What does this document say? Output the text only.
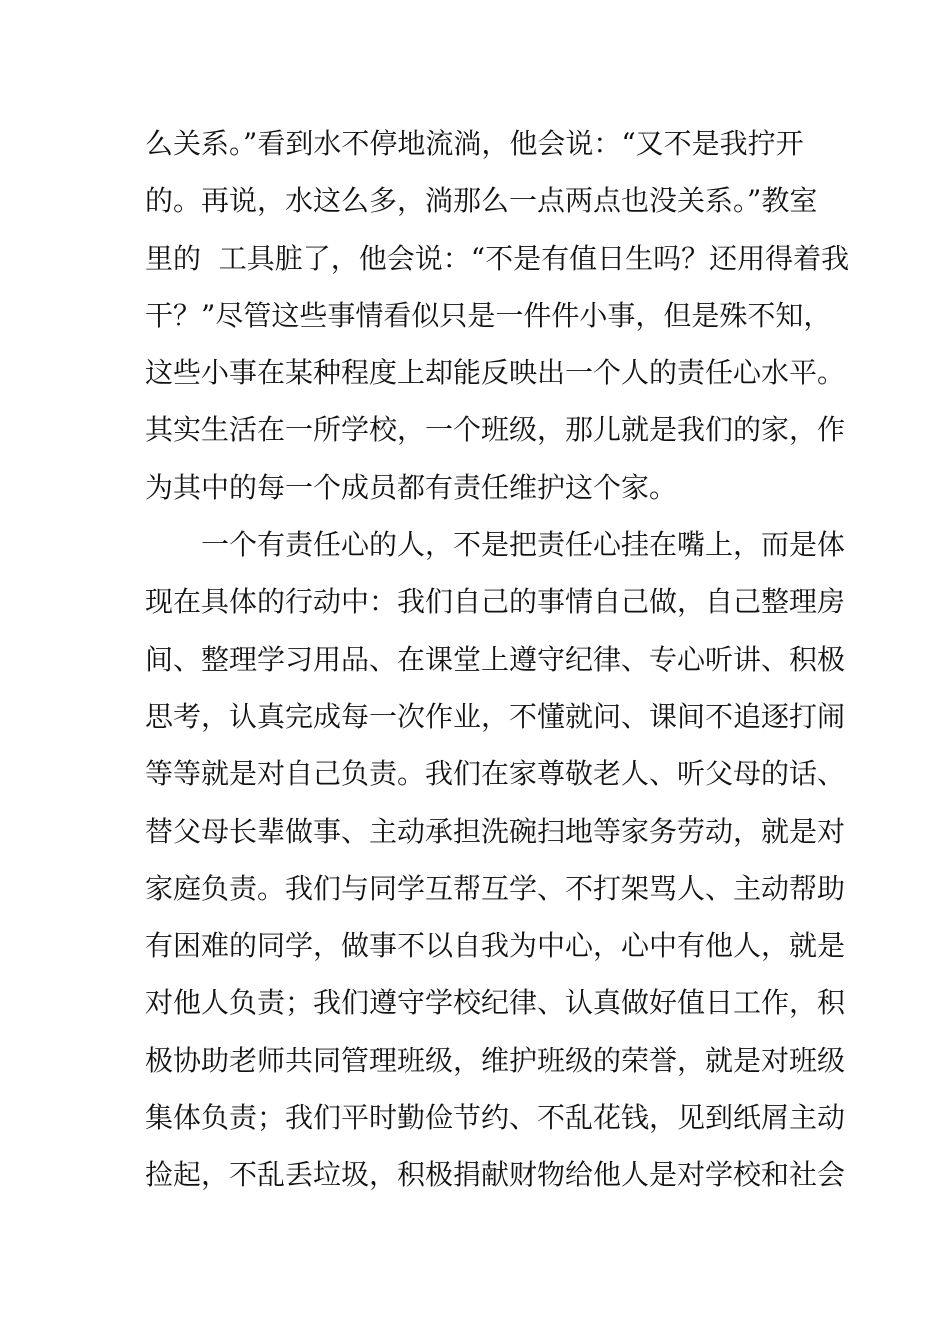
么关系。”看到水不停地流淌，他会说：“又不是我拧开
的。再说，水这么多，淌那么一点两点也没关系。”教室
里的  工具脏了，他会说：“不是有值日生吗？还用得着我
干？”尽管这些事情看似只是一件件小事，但是殊不知，
这些小事在某种程度上却能反映出一个人的责任心水平。
其实生活在一所学校，一个班级，那儿就是我们的家，作
为其中的每一个成员都有责任维护这个家。
一个有责任心的人，不是把责任心挂在嘴上，而是体
现在具体的行动中：我们自己的事情自己做，自己整理房
间、整理学习用品、在课堂上遵守纪律、专心听讲、积极
思考，认真完成每一次作业，不懂就问、课间不追逐打闹
等等就是对自己负责。我们在家尊敬老人、听父母的话、
替父母长辈做事、主动承担洗碗扫地等家务劳动，就是对
家庭负责。我们与同学互帮互学、不打架骂人、主动帮助
有困难的同学，做事不以自我为中心，心中有他人，就是
对他人负责；我们遵守学校纪律、认真做好值日工作，积
极协助老师共同管理班级，维护班级的荣誉，就是对班级
集体负责；我们平时勤俭节约、不乱花钱，见到纸屑主动
捡起，不乱丢垃圾，积极捐献财物给他人是对学校和社会
